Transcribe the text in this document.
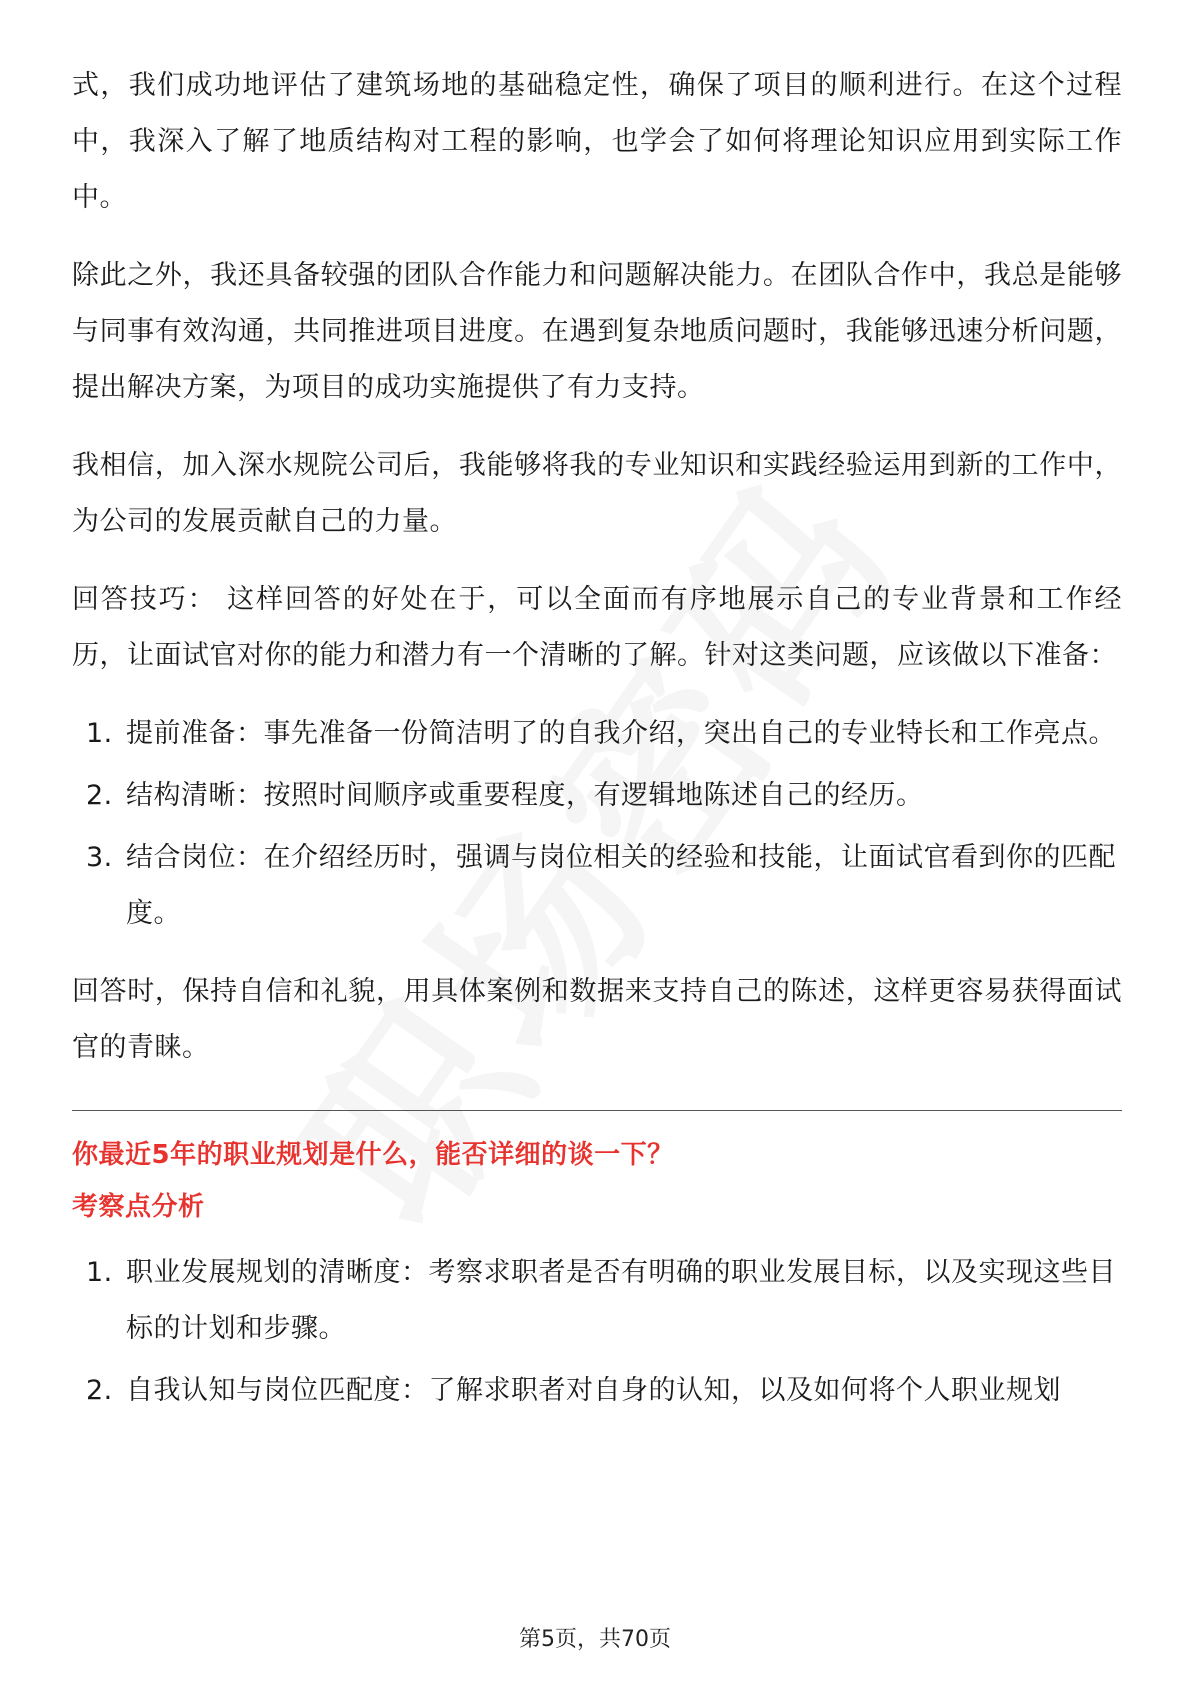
式，我们成功地评估了建筑场地的基础稳定性，确保了项目的顺利进行。在这个过程中，我深入了解了地质结构对工程的影响，也学会了如何将理论知识应用到实际工作中。

除此之外，我还具备较强的团队合作能力和问题解决能力。在团队合作中，我总是能够与同事有效沟通，共同推进项目进度。在遇到复杂地质问题时，我能够迅速分析问题，提出解决方案，为项目的成功实施提供了有力支持。

我相信，加入深水规院公司后，我能够将我的专业知识和实践经验运用到新的工作中，为公司的发展贡献自己的力量。

回答技巧： 这样回答的好处在于，可以全面而有序地展示自己的专业背景和工作经历，让面试官对你的能力和潜力有一个清晰的了解。针对这类问题，应该做以下准备：

1. 提前准备：事先准备一份简洁明了的自我介绍，突出自己的专业特长和工作亮点。
2. 结构清晰：按照时间顺序或重要程度，有逻辑地陈述自己的经历。
3. 结合岗位：在介绍经历时，强调与岗位相关的经验和技能，让面试官看到你的匹配度。

回答时，保持自信和礼貌，用具体案例和数据来支持自己的陈述，这样更容易获得面试官的青睐。

你最近5年的职业规划是什么，能否详细的谈一下？

考察点分析

1. 职业发展规划的清晰度：考察求职者是否有明确的职业发展目标，以及实现这些目标的计划和步骤。
2. 自我认知与岗位匹配度：了解求职者对自身的认知，以及如何将个人职业规划
第5页，共70页
